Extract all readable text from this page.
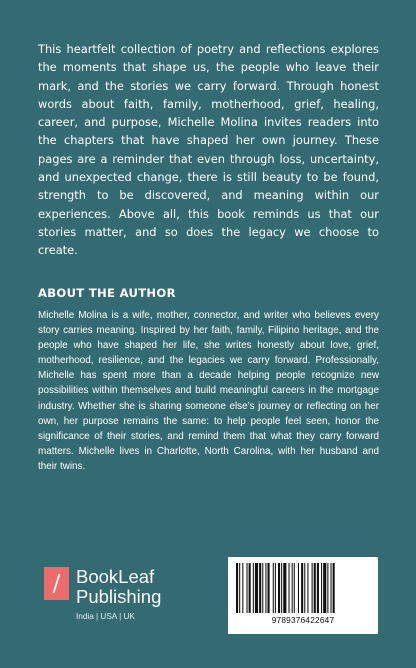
This heartfelt collection of poetry and reflections explores the moments that shape us, the people who leave their mark, and the stories we carry forward. Through honest words about faith, family, motherhood, grief, healing, career, and purpose, Michelle Molina invites readers into the chapters that have shaped her own journey. These pages are a reminder that even through loss, uncertainty, and unexpected change, there is still beauty to be found, strength to be discovered, and meaning within our experiences. Above all, this book reminds us that our stories matter, and so does the legacy we choose to create.

ABOUT THE AUTHOR

Michelle Molina is a wife, mother, connector, and writer who believes every story carries meaning. Inspired by her faith, family, Filipino heritage, and the people who have shaped her life, she writes honestly about love, grief, motherhood, resilience, and the legacies we carry forward. Professionally, Michelle has spent more than a decade helping people recognize new possibilities within themselves and build meaningful careers in the mortgage industry. Whether she is sharing someone else’s journey or reflecting on her own, her purpose remains the same: to help people feel seen, honor the significance of their stories, and remind them that what they carry forward matters. Michelle lives in Charlotte, North Carolina, with her husband and their twins.

BookLeaf
Publishing
India | USA | UK	9789376422647
